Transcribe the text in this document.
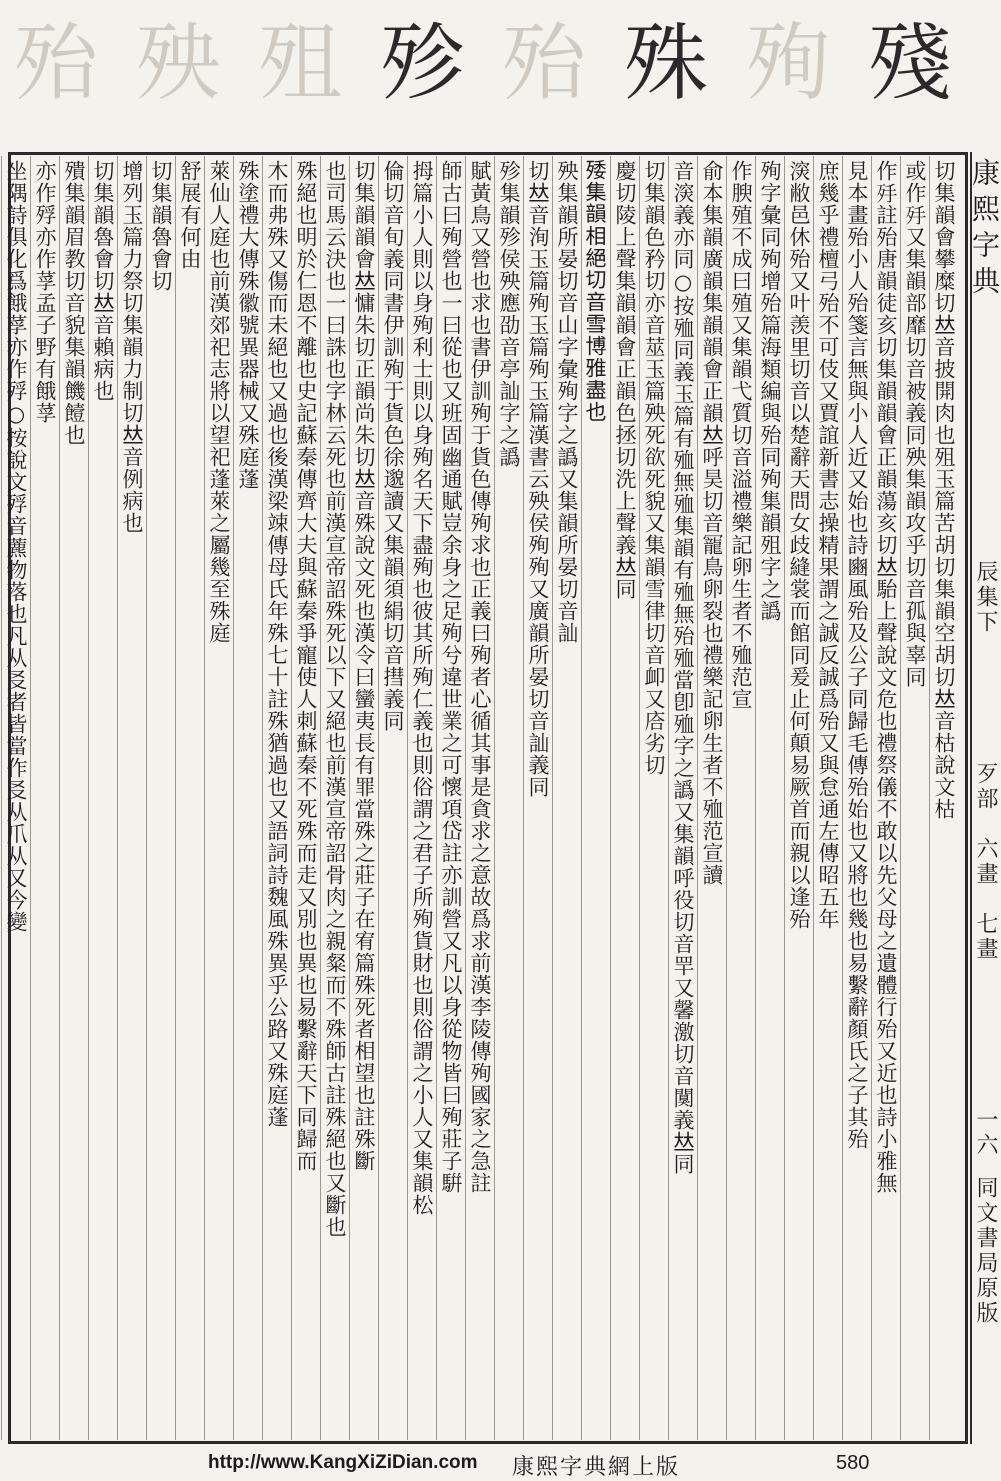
殆 殃 殂 殄 殆 殊 殉 殘
切集韻會攀糜切𠀤音披開肉也殂玉篇苦胡切集韻空胡切𠀤音枯說文枯
或作𣧙又集韻部靡切音被義同殃集韻攻乎切音孤與辜同
作𣧙註殆唐韻徒亥切集韻韻會正韻蕩亥切𠀤駘上聲說文危也禮祭儀不敢以先父母之遺體行殆又近也詩小雅無
見本畫殆小人殆箋言無與小人近又始也詩豳風殆及公子同歸毛傳殆始也又將也幾也易繫辭顏氏之子其殆
庶幾乎禮檀弓殆不可伎又賈誼新書志操精果謂之誠反誠爲殆又與怠通左傳昭五年
㴱敝邑休殆又叶羡里切音以楚辭天問女歧縫裳而館同爰止何顛易厥首而親以逢殆
殉字彙同殉增殆篇海類編與殆同殉集韻殂字之譌
作腴殖不成曰殖又集韻弋質切音溢禮樂記卵生者不殈范宣
俞本集韻廣韻集韻韻會正韻𠀤呼昊切音𠖥鳥卵裂也禮樂記卵生者不殈范宣讀
音㴱義亦同○按殈同義玉篇有殈無殈集韻有殈無殆殈當卽殈字之譌又集韻呼役切音䍐又馨激切音闃義𠀤同
切集韻色矜切亦音莁玉篇殃死欲死貌又集韻雪律切音卹又𢈈劣切
慶切陵上聲集韻韻會正韻色拯切洗上聲義𠀤同
𣨙集韻相絕切音雪博雅盡也
殃集韻所晏切音山字彙殉字之譌又集韻所晏切音訕
切𠀤音洵玉篇殉玉篇殉玉篇漢書云殃侯殉殉又廣韻所晏切音訕義同
殄集韻殄侯殃應劭音亭訕字之譌
賦黃鳥又營也求也書伊訓殉于貨色傳殉求也正義曰殉者心循其事是貪求之意故爲求前漢李陵傳殉國家之急註
師古曰殉營也一曰從也又班固幽通賦豈余身之足殉兮違世業之可懷項岱註亦訓營又凡以身從物皆曰殉莊子騈
拇篇小人則以身殉利士則以身殉名天下盡殉也彼其所殉仁義也則俗謂之君子所殉貨財也則俗謂之小人又集韻松
倫切音旬義同書伊訓殉于貨色徐邈讀又集韻須絹切音㨹義同
切集韻韻會𠀤慵朱切正韻尚朱切𠀤音殊說文死也漢令曰蠻夷長有罪當殊之莊子在宥篇殊死者相望也註殊斷
也司馬云決也一曰誅也字林云死也前漢宣帝詔殊死以下又絕也前漢宣帝詔骨肉之親粲而不殊師古註殊絕也又斷也
殊絕也明於仁恩不離也史記蘇秦傳齊大夫與蘇秦爭寵使人刺蘇秦不死殊而走又別也異也易繫辭天下同歸而
木而弗殊又傷而未絕也又過也後漢梁竦傳母氏年殊七十註殊猶過也又語詞詩魏風殊異乎公路又殊庭蓬
殊塗禮大傳殊徽號異器械又殊庭蓬
萊仙人庭也前漢郊祀志將以望祀蓬萊之屬幾至殊庭
舒展有何由
切集韻魯會切
增列玉篇力祭切集韻力制切𠀤音例病也
切集韻魯會切𠀤音賴病也
殨集韻眉教切音貌集韻饑饐也
亦作殍亦作莩孟子野有餓莩
坐隅詩俱化爲餓莩亦作殍○按說文殍音藨物落也凡从㕛者皆當作㕛从爪从又今變	康熙字典
辰集下
歹部　六畫　七畫
一六
同文書局原版
http://www.KangXiZiDian.com 康熙字典網上版	580
